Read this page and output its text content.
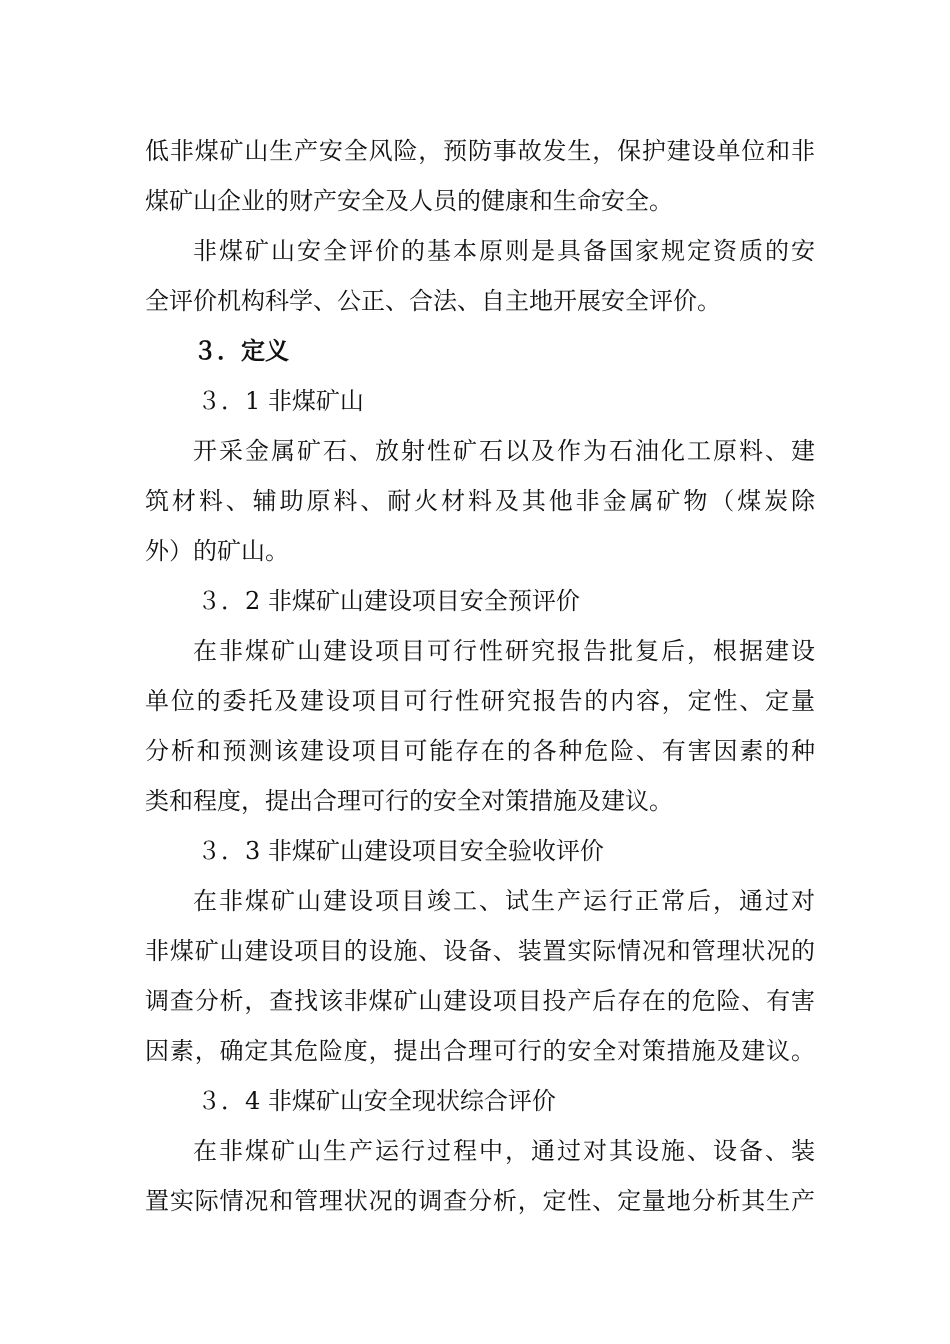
低非煤矿山生产安全风险，预防事故发生，保护建设单位和非
煤矿山企业的财产安全及人员的健康和生命安全。
非煤矿山安全评价的基本原则是具备国家规定资质的安
全评价机构科学、公正、合法、自主地开展安全评价。
３．定义
３．1 非煤矿山
开采金属矿石、放射性矿石以及作为石油化工原料、建
筑材料、辅助原料、耐火材料及其他非金属矿物（煤炭除
外）的矿山。
３．2 非煤矿山建设项目安全预评价
在非煤矿山建设项目可行性研究报告批复后，根据建设
单位的委托及建设项目可行性研究报告的内容，定性、定量
分析和预测该建设项目可能存在的各种危险、有害因素的种
类和程度，提出合理可行的安全对策措施及建议。
３．3 非煤矿山建设项目安全验收评价
在非煤矿山建设项目竣工、试生产运行正常后，通过对
非煤矿山建设项目的设施、设备、装置实际情况和管理状况的
调查分析，查找该非煤矿山建设项目投产后存在的危险、有害
因素，确定其危险度，提出合理可行的安全对策措施及建议。
３．4 非煤矿山安全现状综合评价
在非煤矿山生产运行过程中，通过对其设施、设备、装
置实际情况和管理状况的调查分析，定性、定量地分析其生产
